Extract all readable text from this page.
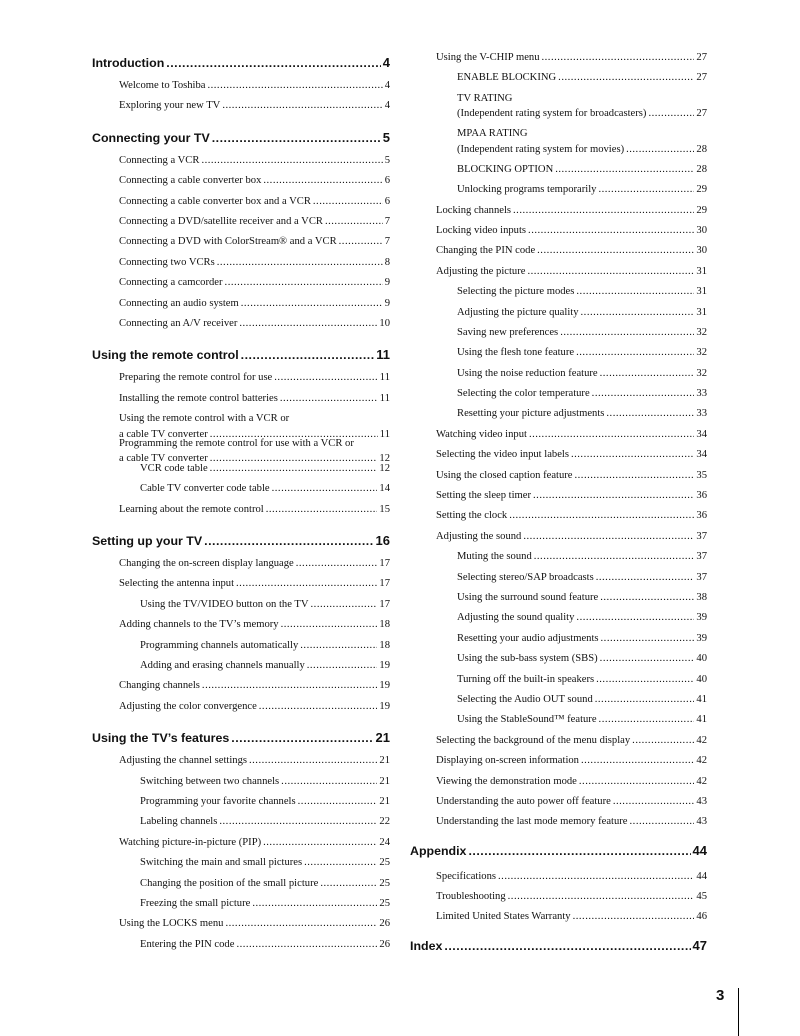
Introduction .....	4
Welcome to Toshiba .....	4
Exploring your new TV .....	4
Connecting your TV .....	5
Connecting a VCR .....	5
Connecting a cable converter box .....	6
Connecting a cable converter box and a VCR .....	6
Connecting a DVD/satellite receiver and a VCR .....	7
Connecting a DVD with ColorStream® and a VCR .....	7
Connecting two VCRs .....	8
Connecting a camcorder .....	9
Connecting an audio system .....	9
Connecting an A/V receiver .....	10
Using the remote control .....	11
Preparing the remote control for use .....	11
Installing the remote control batteries .....	11
Using the remote control with a VCR or
a cable TV converter .....	11
Programming the remote control for use with a VCR or
a cable TV converter .....	12
VCR code table .....	12
Cable TV converter code table .....	14
Learning about the remote control .....	15
Setting up your TV .....	16
Changing the on-screen display language .....	17
Selecting the antenna input .....	17
Using the TV/VIDEO button on the TV .....	17
Adding channels to the TV’s memory .....	18
Programming channels automatically .....	18
Adding and erasing channels manually .....	19
Changing channels .....	19
Adjusting the color convergence .....	19
Using the TV’s features .....	21
Adjusting the channel settings .....	21
Switching between two channels .....	21
Programming your favorite channels .....	21
Labeling channels .....	22
Watching picture-in-picture (PIP) .....	24
Switching the main and small pictures .....	25
Changing the position of the small picture .....	25
Freezing the small picture .....	25
Using the LOCKS menu .....	26
Entering the PIN code .....	26
Using the V-CHIP menu .....	27
ENABLE BLOCKING .....	27
TV RATING
(Independent rating system for broadcasters) .....	27
MPAA RATING
(Independent rating system for movies) .....	28
BLOCKING OPTION .....	28
Unlocking programs temporarily .....	29
Locking channels .....	29
Locking video inputs .....	30
Changing the PIN code .....	30
Adjusting the picture .....	31
Selecting the picture modes .....	31
Adjusting the picture quality .....	31
Saving new preferences .....	32
Using the flesh tone feature .....	32
Using the noise reduction feature .....	32
Selecting the color temperature .....	33
Resetting your picture adjustments .....	33
Watching video input .....	34
Selecting the video input labels .....	34
Using the closed caption feature .....	35
Setting the sleep timer .....	36
Setting the clock .....	36
Adjusting the sound .....	37
Muting the sound .....	37
Selecting stereo/SAP broadcasts .....	37
Using the surround sound feature .....	38
Adjusting the sound quality .....	39
Resetting your audio adjustments .....	39
Using the sub-bass system (SBS) .....	40
Turning off the built-in speakers .....	40
Selecting the Audio OUT sound .....	41
Using the StableSound™ feature .....	41
Selecting the background of the menu display .....	42
Displaying on-screen information .....	42
Viewing the demonstration mode .....	42
Understanding the auto power off feature .....	43
Understanding the last mode memory feature .....	43
Appendix .....	44
Specifications .....	44
Troubleshooting .....	45
Limited United States Warranty .....	46
Index .....	47
3
